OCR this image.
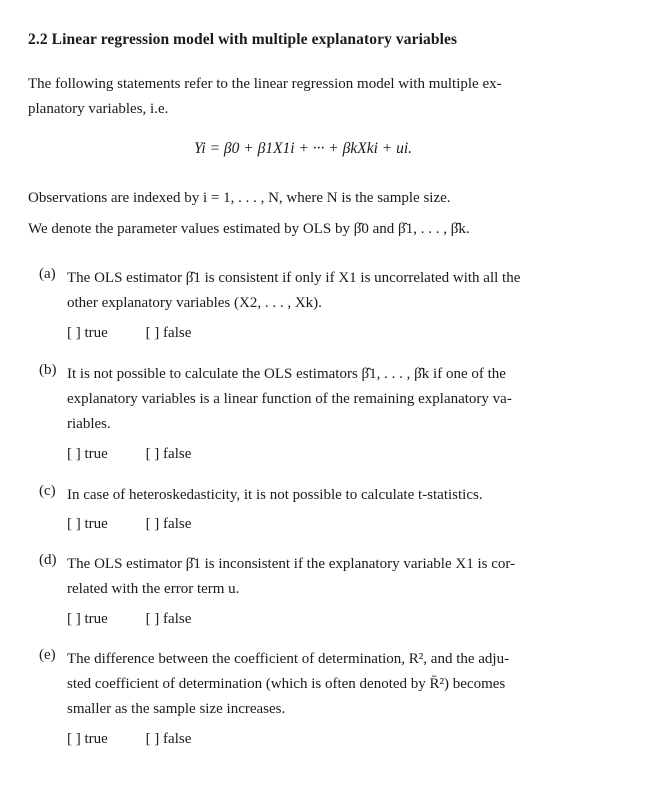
2.2 Linear regression model with multiple explanatory variables
The following statements refer to the linear regression model with multiple ex-
planatory variables, i.e.
Yi = β0 + β1X1i + ··· + βkXki + ui.
Observations are indexed by i = 1, . . . , N, where N is the sample size.
We denote the parameter values estimated by OLS by β̂0 and β̂1, . . . , β̂k.
(a) The OLS estimator β̂1 is consistent if only if X1 is uncorrelated with all the
other explanatory variables (X2, . . . , Xk).
[ ] true	[ ] false
(b) It is not possible to calculate the OLS estimators β̂1, . . . , β̂k if one of the
explanatory variables is a linear function of the remaining explanatory va-
riables.
[ ] true	[ ] false
(c) In case of heteroskedasticity, it is not possible to calculate t-statistics.
[ ] true	[ ] false
(d) The OLS estimator β̂1 is inconsistent if the explanatory variable X1 is cor-
related with the error term u.
[ ] true	[ ] false
(e) The difference between the coefficient of determination, R², and the adju-
sted coefficient of determination (which is often denoted by R̄²) becomes
smaller as the sample size increases.
[ ] true	[ ] false
